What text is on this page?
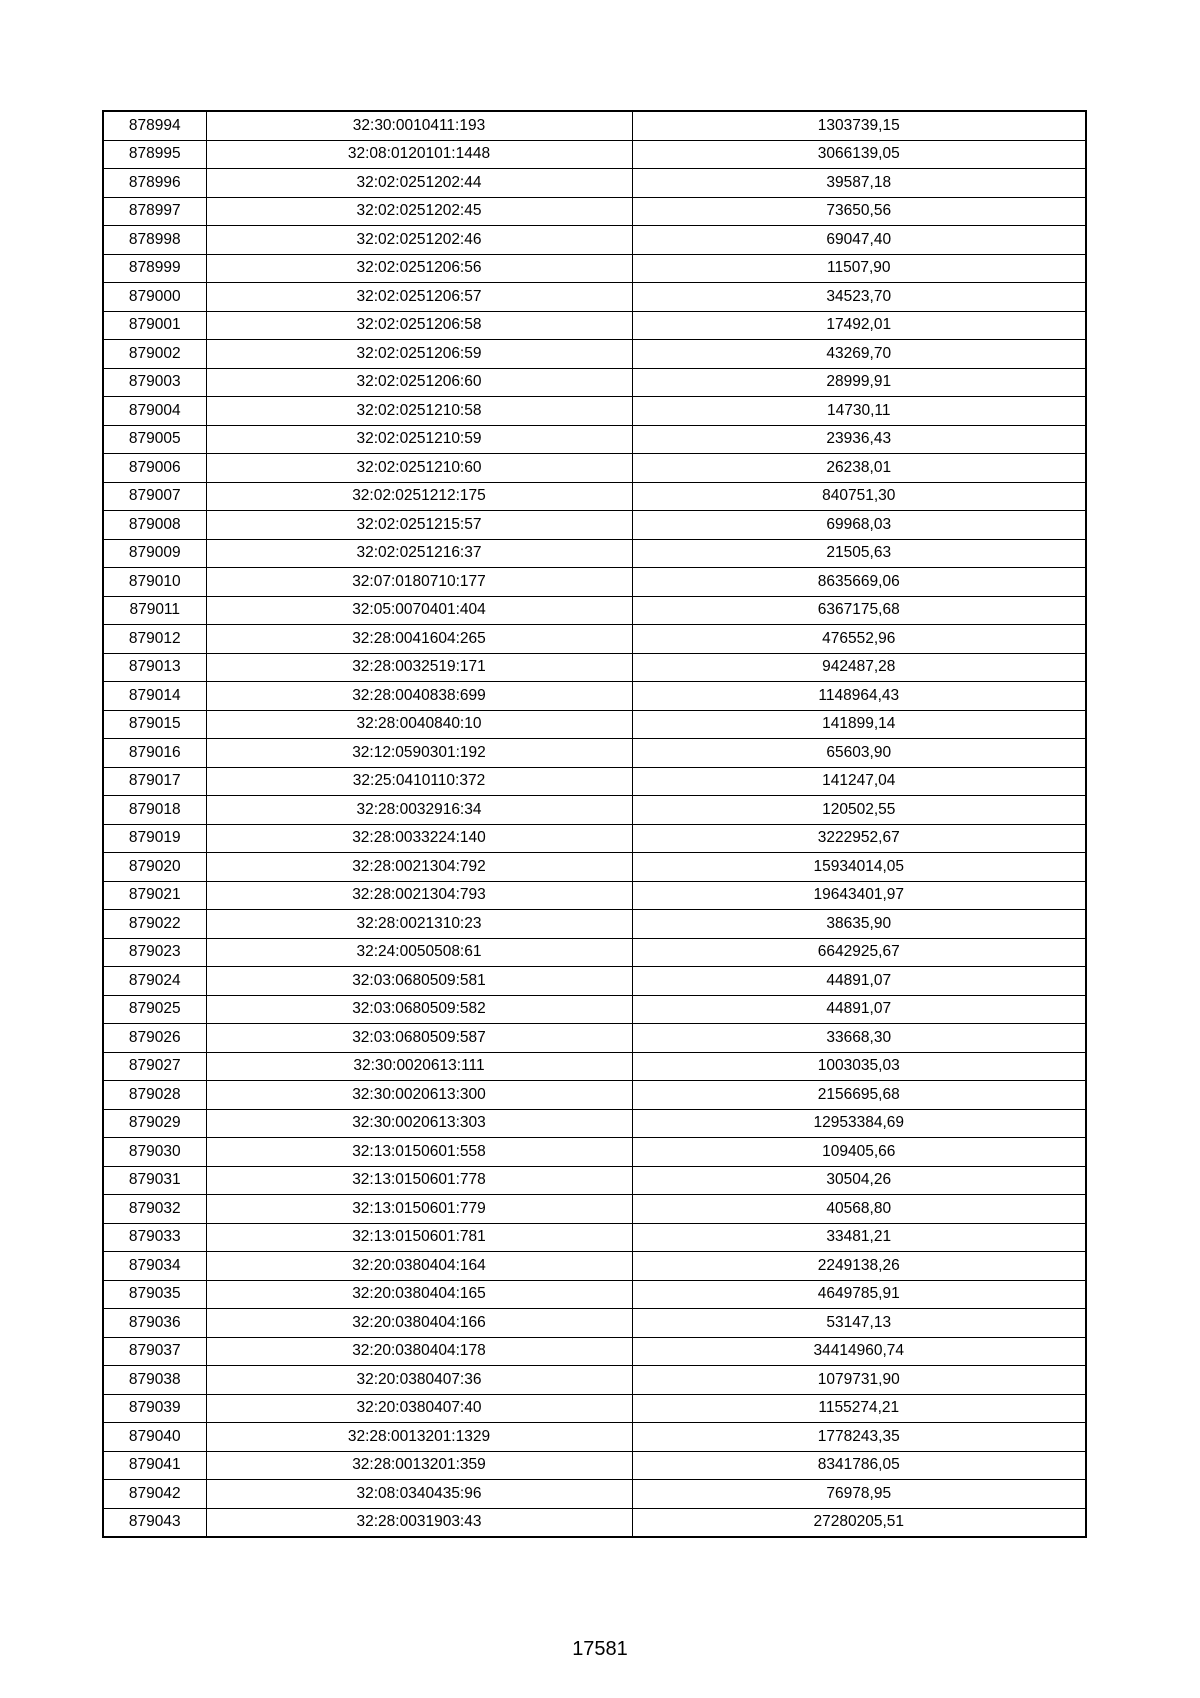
878994	32:30:0010411:193	1303739,15
878995	32:08:0120101:1448	3066139,05
878996	32:02:0251202:44	39587,18
878997	32:02:0251202:45	73650,56
878998	32:02:0251202:46	69047,40
878999	32:02:0251206:56	11507,90
879000	32:02:0251206:57	34523,70
879001	32:02:0251206:58	17492,01
879002	32:02:0251206:59	43269,70
879003	32:02:0251206:60	28999,91
879004	32:02:0251210:58	14730,11
879005	32:02:0251210:59	23936,43
879006	32:02:0251210:60	26238,01
879007	32:02:0251212:175	840751,30
879008	32:02:0251215:57	69968,03
879009	32:02:0251216:37	21505,63
879010	32:07:0180710:177	8635669,06
879011	32:05:0070401:404	6367175,68
879012	32:28:0041604:265	476552,96
879013	32:28:0032519:171	942487,28
879014	32:28:0040838:699	1148964,43
879015	32:28:0040840:10	141899,14
879016	32:12:0590301:192	65603,90
879017	32:25:0410110:372	141247,04
879018	32:28:0032916:34	120502,55
879019	32:28:0033224:140	3222952,67
879020	32:28:0021304:792	15934014,05
879021	32:28:0021304:793	19643401,97
879022	32:28:0021310:23	38635,90
879023	32:24:0050508:61	6642925,67
879024	32:03:0680509:581	44891,07
879025	32:03:0680509:582	44891,07
879026	32:03:0680509:587	33668,30
879027	32:30:0020613:111	1003035,03
879028	32:30:0020613:300	2156695,68
879029	32:30:0020613:303	12953384,69
879030	32:13:0150601:558	109405,66
879031	32:13:0150601:778	30504,26
879032	32:13:0150601:779	40568,80
879033	32:13:0150601:781	33481,21
879034	32:20:0380404:164	2249138,26
879035	32:20:0380404:165	4649785,91
879036	32:20:0380404:166	53147,13
879037	32:20:0380404:178	34414960,74
879038	32:20:0380407:36	1079731,90
879039	32:20:0380407:40	1155274,21
879040	32:28:0013201:1329	1778243,35
879041	32:28:0013201:359	8341786,05
879042	32:08:0340435:96	76978,95
879043	32:28:0031903:43	27280205,51
17581
